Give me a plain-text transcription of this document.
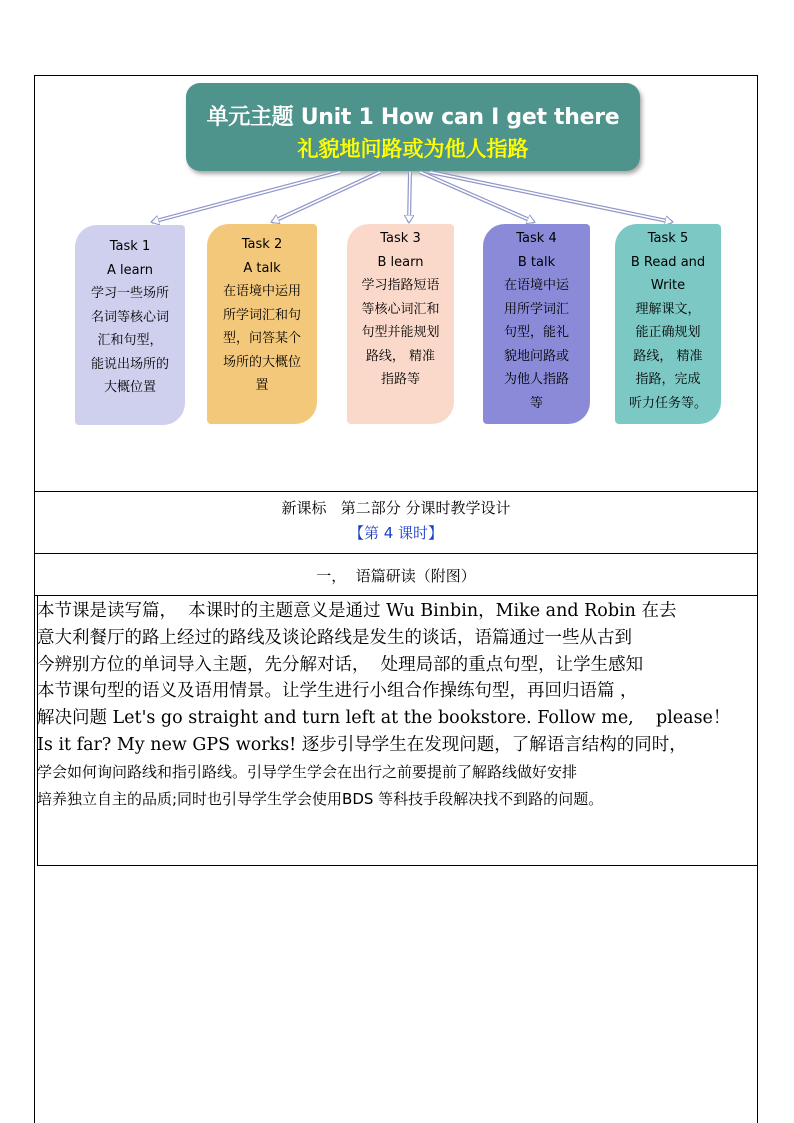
单元主题 Unit 1 How can I get there
礼貌地问路或为他人指路
Task 1
A learn
学习一些场所
名词等核心词
汇和句型，
能说出场所的
大概位置
Task 2
A talk
在语境中运用
所学词汇和句
型，问答某个
场所的大概位
置
Task 3
B learn
学习指路短语
等核心词汇和
句型并能规划
路线， 精准
指路等
Task 4
B talk
在语境中运
用所学词汇
句型，能礼
貌地问路或
为他人指路
等
Task 5
B Read and
Write
理解课文，
能正确规划
路线， 精准
指路，完成
听力任务等。
新课标   第二部分 分课时教学设计
【第 4 课时】
一，  语篇研读（附图）
本节课是读写篇，  本课时的主题意义是通过 Wu Binbin，Mike and Robin 在去
意大利餐厅的路上经过的路线及谈论路线是发生的谈话，语篇通过一些从古到
今辨别方位的单词导入主题，先分解对话，  处理局部的重点句型，让学生感知
本节课句型的语义及语用情景。让学生进行小组合作操练句型，再回归语篇 ，
解决问题 Let's go straight and turn left at the bookstore. Follow me,    please！
Is it far? My new GPS works! 逐步引导学生在发现问题，了解语言结构的同时，
学会如何询问路线和指引路线。引导学生学会在出行之前要提前了解路线做好安排
培养独立自主的品质;同时也引导学生学会使用BDS 等科技手段解决找不到路的问题。
